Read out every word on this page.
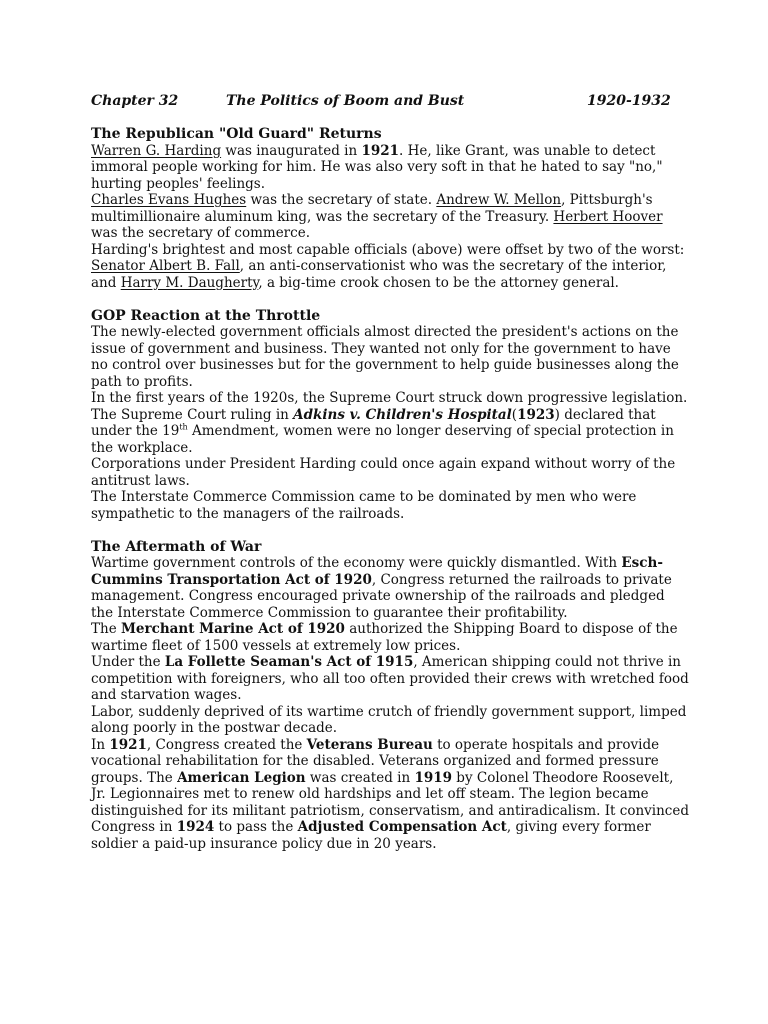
Chapter 32	The Politics of Boom and Bust	1920-1932
The Republican "Old Guard" Returns

Warren G. Harding was inaugurated in 1921. He, like Grant, was unable to detect immoral people working for him. He was also very soft in that he hated to say "no," hurting peoples' feelings.

Charles Evans Hughes was the secretary of state. Andrew W. Mellon, Pittsburgh's multimillionaire aluminum king, was the secretary of the Treasury. Herbert Hoover was the secretary of commerce.

Harding's brightest and most capable officials (above) were offset by two of the worst: Senator Albert B. Fall, an anti-conservationist who was the secretary of the interior, and Harry M. Daugherty, a big-time crook chosen to be the attorney general.

GOP Reaction at the Throttle

The newly-elected government officials almost directed the president's actions on the issue of government and business. They wanted not only for the government to have no control over businesses but for the government to help guide businesses along the path to profits.

In the first years of the 1920s, the Supreme Court struck down progressive legislation. The Supreme Court ruling in Adkins v. Children's Hospital(1923) declared that under the 19th Amendment, women were no longer deserving of special protection in the workplace.

Corporations under President Harding could once again expand without worry of the antitrust laws.

The Interstate Commerce Commission came to be dominated by men who were sympathetic to the managers of the railroads.

The Aftermath of War

Wartime government controls of the economy were quickly dismantled. With Esch-Cummins Transportation Act of 1920, Congress returned the railroads to private management. Congress encouraged private ownership of the railroads and pledged the Interstate Commerce Commission to guarantee their profitability.

The Merchant Marine Act of 1920 authorized the Shipping Board to dispose of the wartime fleet of 1500 vessels at extremely low prices.

Under the La Follette Seaman's Act of 1915, American shipping could not thrive in competition with foreigners, who all too often provided their crews with wretched food and starvation wages.

Labor, suddenly deprived of its wartime crutch of friendly government support, limped along poorly in the postwar decade.

In 1921, Congress created the Veterans Bureau to operate hospitals and provide vocational rehabilitation for the disabled. Veterans organized and formed pressure groups. The American Legion was created in 1919 by Colonel Theodore Roosevelt, Jr. Legionnaires met to renew old hardships and let off steam. The legion became distinguished for its militant patriotism, conservatism, and antiradicalism. It convinced Congress in 1924 to pass the Adjusted Compensation Act, giving every former soldier a paid-up insurance policy due in 20 years.
